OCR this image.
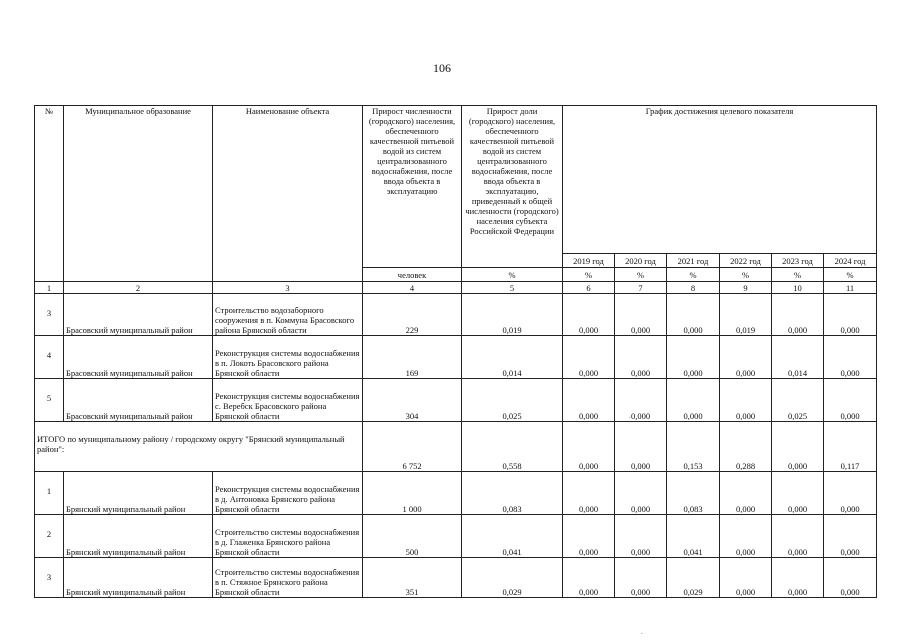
106
·
·
№	Муниципальное образование	Наименование объекта	Прирост численности (городского) населения, обеспеченного качественной питьевой водой из систем централизованного водоснабжения, после ввода объекта в эксплуатацию	Прирост доли (городского) населения, обеспеченного качественной питьевой водой из систем централизованного водоснабжения, после ввода объекта в эксплуатацию, приведенный к общей численности (городского) населения субъекта Российской Федерации	График достижения целевого показателя					
					2019 год	2020 год	2021 год	2022 год	2023 год	2024 год
			человек	%	%	%	%	%	%	%
1	2	3	4	5	6	7	8	9	10	11
3	Брасовский муниципальный район	Строительство водозаборного сооружения в п. Коммуна Брасовского района Брянской области	229	0,019	0,000	0,000	0,000	0,019	0,000	0,000
4	Брасовский муниципальный район	Реконструкция системы водоснабжения в п. Локоть Брасовского района Брянской области	169	0,014	0,000	0,000	0,000	0,000	0,014	0,000
5	Брасовский муниципальный район	Реконструкция системы водоснабжения с. Веребск Брасовского района Брянской области	304	0,025	0,000	0,000	0,000	0,000	0,025	0,000
ИТОГО по муниципальному району / городскому округу "Брянский муниципальный район":			6 752	0,558	0,000	0,000	0,153	0,288	0,000	0,117
1	Брянский муниципальный район	Реконструкция системы водоснабжения в д. Антоновка Брянского района Брянской области	1 000	0,083	0,000	0,000	0,083	0,000	0,000	0,000
2	Брянский муниципальный район	Строительство системы водоснабжения в д. Глаженка Брянского района Брянской области	500	0,041	0,000	0,000	0,041	0,000	0,000	0,000
3	Брянский муниципальный район	Строительство системы водоснабжения в п. Стяжное Брянского района Брянской области	351	0,029	0,000	0,000	0,029	0,000	0,000	0,000
